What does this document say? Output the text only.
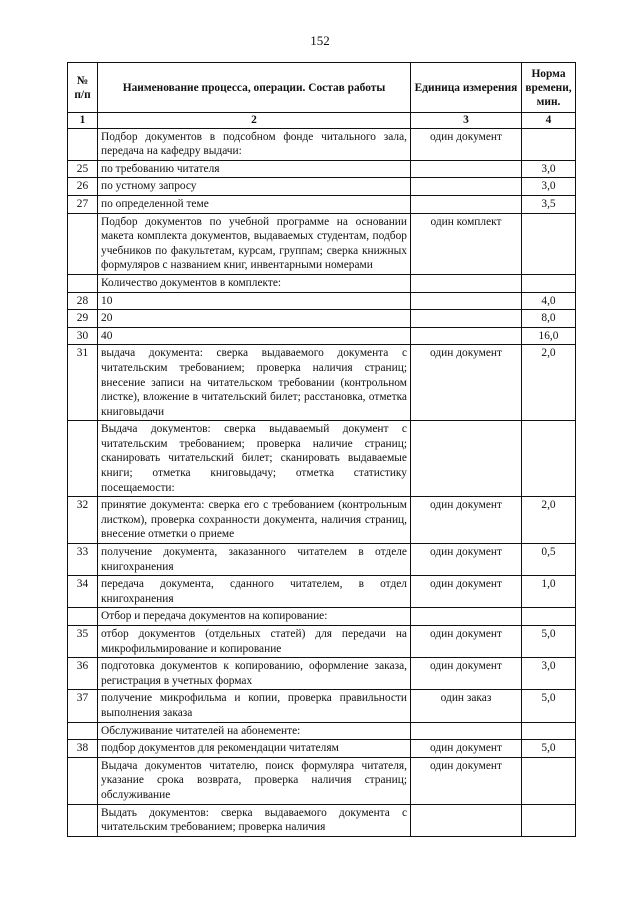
152
№ п/п	Наименование процесса, операции. Состав работы	Единица измерения	Норма времени, мин.
1	2	3	4
	Подбор документов в подсобном фонде читального зала, передача на кафедру выдачи:	один документ	
25	по требованию читателя		3,0
26	по устному запросу		3,0
27	по определенной теме		3,5
	Подбор документов по учебной программе на основании макета комплекта документов, выдаваемых студентам, подбор учебников по факультетам, курсам, группам; сверка книжных формуляров с названием книг, инвентарными номерами	один комплект	
	Количество документов в комплекте:		
28	10		4,0
29	20		8,0
30	40		16,0
31	выдача документа: сверка выдаваемого документа с читательским требованием; проверка наличия страниц; внесение записи на читательском требовании (контрольном листке), вложение в читательский билет; расстановка, отметка книговыдачи	один документ	2,0
	Выдача документов: сверка выдаваемый документ с читательским требованием; проверка наличие страниц; сканировать читательский билет; сканировать выдаваемые книги; отметка книговыдачу; отметка статистику посещаемости:		
32	принятие документа: сверка его с требованием (контрольным листком), проверка сохранности документа, наличия страниц, внесение отметки о приеме	один документ	2,0
33	получение документа, заказанного читателем в отделе книгохранения	один документ	0,5
34	передача документа, сданного читателем, в отдел книгохранения	один документ	1,0
	Отбор и передача документов на копирование:		
35	отбор документов (отдельных статей) для передачи на микрофильмирование и копирование	один документ	5,0
36	подготовка документов к копированию, оформление заказа, регистрация в учетных формах	один документ	3,0
37	получение микрофильма и копии, проверка правильности выполнения заказа	один заказ	5,0
	Обслуживание читателей на абонементе:		
38	подбор документов для рекомендации читателям	один документ	5,0
	Выдача документов читателю, поиск формуляра читателя, указание срока возврата, проверка наличия страниц; обслуживание	один документ	
	Выдать документов: сверка выдаваемого документа с читательским требованием; проверка наличия		
